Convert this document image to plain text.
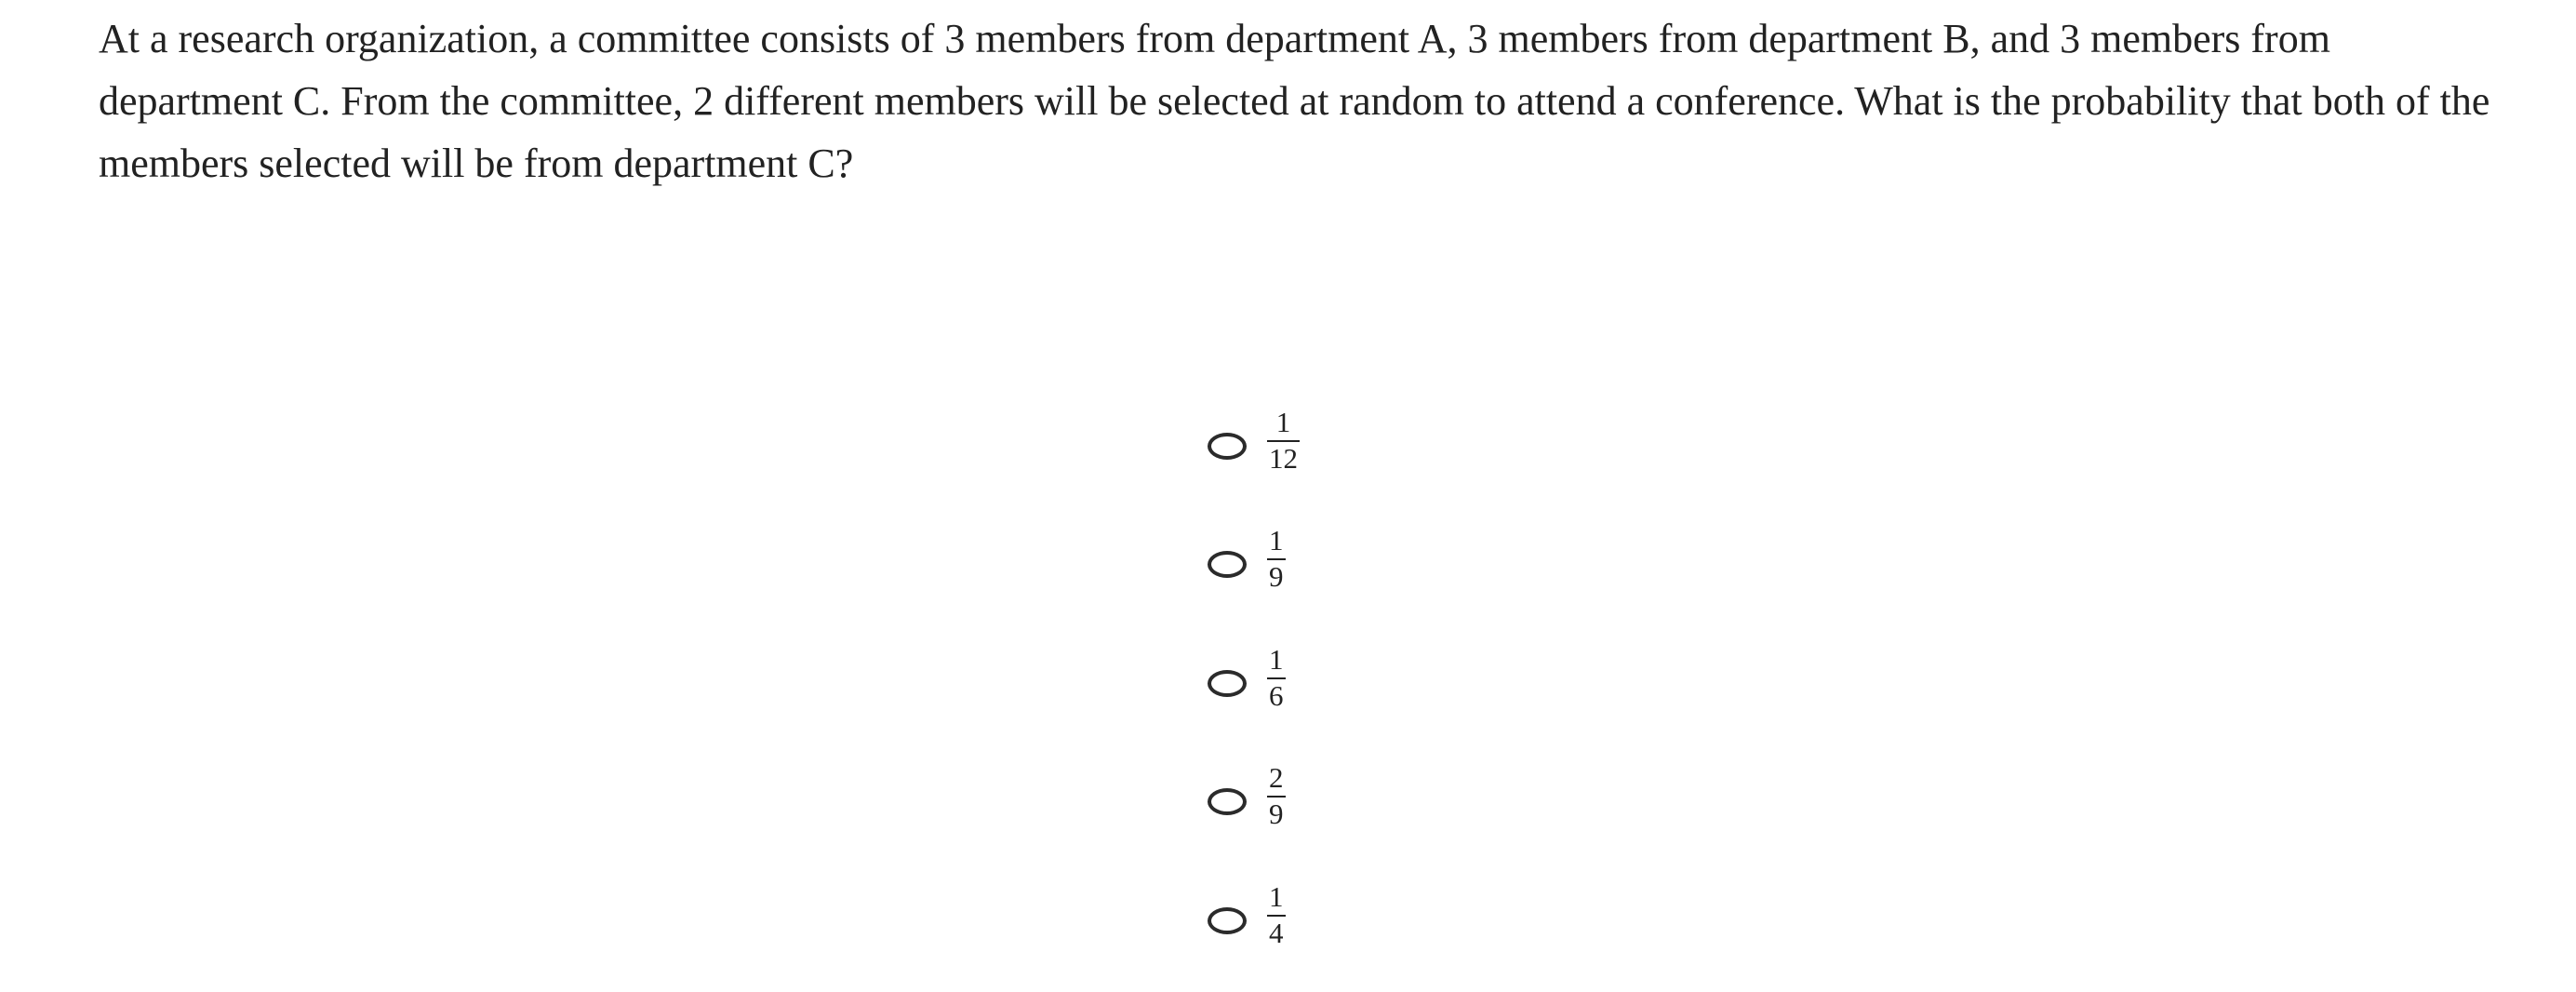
At a research organization, a committee consists of 3 members from department A, 3 members from department B, and 3 members from department C. From the committee, 2 different members will be selected at random to attend a conference. What is the probability that both of the members selected will be from department C?

$\frac{1}{12}$
$\frac{1}{9}$
$\frac{1}{6}$
$\frac{2}{9}$
$\frac{1}{4}$
